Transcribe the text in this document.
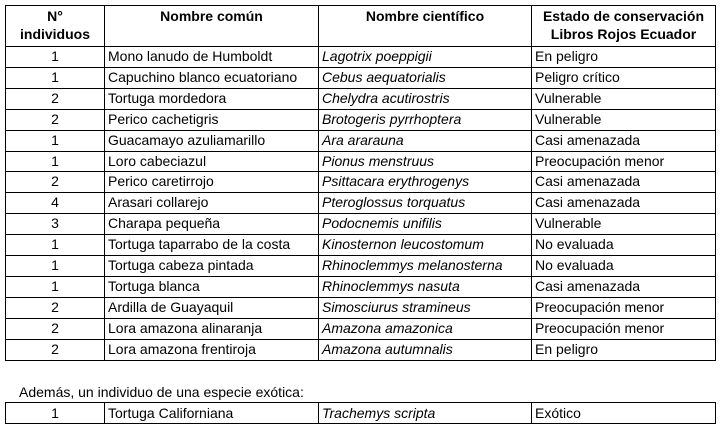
N°
individuos	Nombre común	Nombre científico	Estado de conservación
Libros Rojos Ecuador

1	Mono lanudo de Humboldt	Lagotrix poeppigii	En peligro
1	Capuchino blanco ecuatoriano	Cebus aequatorialis	Peligro crítico
2	Tortuga mordedora	Chelydra acutirostris	Vulnerable
2	Perico cachetigris	Brotogeris pyrrhoptera	Vulnerable
1	Guacamayo azuliamarillo	Ara ararauna	Casi amenazada
1	Loro cabeciazul	Pionus menstruus	Preocupación menor
2	Perico caretirrojo	Psittacara erythrogenys	Casi amenazada
4	Arasari collarejo	Pteroglossus torquatus	Casi amenazada
3	Charapa pequeña	Podocnemis unifilis	Vulnerable
1	Tortuga taparrabo de la costa	Kinosternon leucostomum	No evaluada
1	Tortuga cabeza pintada	Rhinoclemmys melanosterna	No evaluada
1	Tortuga blanca	Rhinoclemmys nasuta	Casi amenazada
2	Ardilla de Guayaquil	Simosciurus stramineus	Preocupación menor
2	Lora amazona alinaranja	Amazona amazonica	Preocupación menor
2	Lora amazona frentiroja	Amazona autumnalis	En peligro
Además, un individuo de una especie exótica:
1	Tortuga Californiana	Trachemys scripta	Exótico
